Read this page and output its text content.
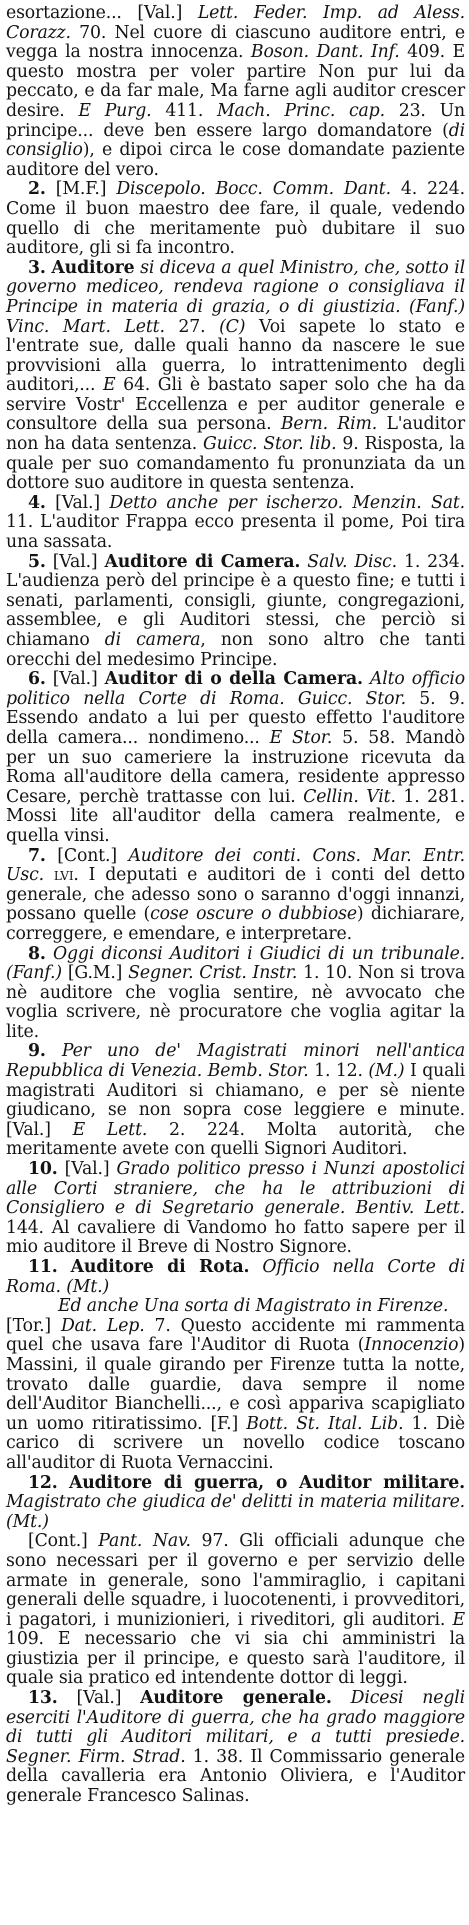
esortazione... [Val.] Lett. Feder. Imp. ad Aless. Corazz. 70. Nel cuore di ciascuno auditore entri, e vegga la nostra innocenza. Boson. Dant. Inf. 409. E questo mostra per voler partire Non pur lui da peccato, e da far male, Ma farne agli auditor crescer desire. E Purg. 411. Mach. Princ. cap. 23. Un principe... deve ben essere largo domandatore (di consiglio), e dipoi circa le cose domandate paziente auditore del vero.

2. [M.F.] Discepolo. Bocc. Comm. Dant. 4. 224. Come il buon maestro dee fare, il quale, vedendo quello di che meritamente può dubitare il suo auditore, gli si fa incontro.

3. Auditore si diceva a quel Ministro, che, sotto il governo mediceo, rendeva ragione o consigliava il Principe in materia di grazia, o di giustizia. (Fanf.) Vinc. Mart. Lett. 27. (C) Voi sapete lo stato e l'entrate sue, dalle quali hanno da nascere le sue provvisioni alla guerra, lo intrattenimento degli auditori,... E 64. Gli è bastato saper solo che ha da servire Vostr' Eccellenza e per auditor generale e consultore della sua persona. Bern. Rim. L'auditor non ha data sentenza. Guicc. Stor. lib. 9. Risposta, la quale per suo comandamento fu pronunziata da un dottore suo auditore in questa sentenza.

4. [Val.] Detto anche per ischerzo. Menzin. Sat. 11. L'auditor Frappa ecco presenta il pome, Poi tira una sassata.

5. [Val.] Auditore di Camera. Salv. Disc. 1. 234. L'audienza però del principe è a questo fine; e tutti i senati, parlamenti, consigli, giunte, congregazioni, assemblee, e gli Auditori stessi, che perciò si chiamano di camera, non sono altro che tanti orecchi del medesimo Principe.

6. [Val.] Auditor di o della Camera. Alto officio politico nella Corte di Roma. Guicc. Stor. 5. 9. Essendo andato a lui per questo effetto l'auditore della camera... nondimeno... E Stor. 5. 58. Mandò per un suo cameriere la instruzione ricevuta da Roma all'auditore della camera, residente appresso Cesare, perchè trattasse con lui. Cellin. Vit. 1. 281. Mossi lite all'auditor della camera realmente, e quella vinsi.

7. [Cont.] Auditore dei conti. Cons. Mar. Entr. Usc. lvi. I deputati e auditori de i conti del detto generale, che adesso sono o saranno d'oggi innanzi, possano quelle (cose oscure o dubbiose) dichiarare, correggere, e emendare, e interpretare.

8. Oggi diconsi Auditori i Giudici di un tribunale. (Fanf.) [G.M.] Segner. Crist. Instr. 1. 10. Non si trova nè auditore che voglia sentire, nè avvocato che voglia scrivere, nè procuratore che voglia agitar la lite.

9. Per uno de' Magistrati minori nell'antica Repubblica di Venezia. Bemb. Stor. 1. 12. (M.) I quali magistrati Auditori si chiamano, e per sè niente giudicano, se non sopra cose leggiere e minute. [Val.] E Lett. 2. 224. Molta autorità, che meritamente avete con quelli Signori Auditori.

10. [Val.] Grado politico presso i Nunzi apostolici alle Corti straniere, che ha le attribuzioni di Consigliero e di Segretario generale. Bentiv. Lett. 144. Al cavaliere di Vandomo ho fatto sapere per il mio auditore il Breve di Nostro Signore.

11. Auditore di Rota. Officio nella Corte di Roma. (Mt.)

Ed anche Una sorta di Magistrato in Firenze.

[Tor.] Dat. Lep. 7. Questo accidente mi rammenta quel che usava fare l'Auditor di Ruota (Innocenzio) Massini, il quale girando per Firenze tutta la notte, trovato dalle guardie, dava sempre il nome dell'Auditor Bianchelli..., e così appariva scapigliato un uomo ritiratissimo. [F.] Bott. St. Ital. Lib. 1. Diè carico di scrivere un novello codice toscano all'auditor di Ruota Vernaccini.

12. Auditore di guerra, o Auditor militare. Magistrato che giudica de' delitti in materia militare. (Mt.)

[Cont.] Pant. Nav. 97. Gli officiali adunque che sono necessari per il governo e per servizio delle armate in generale, sono l'ammiraglio, i capitani generali delle squadre, i luocotenenti, i provveditori, i pagatori, i munizionieri, i riveditori, gli auditori. E 109. E necessario che vi sia chi amministri la giustizia per il principe, e questo sarà l'auditore, il quale sia pratico ed intendente dottor di leggi.

13. [Val.] Auditore generale. Dicesi negli eserciti l'Auditore di guerra, che ha grado maggiore di tutti gli Auditori militari, e a tutti presiede. Segner. Firm. Strad. 1. 38. Il Commissario generale della cavalleria era Antonio Oliviera, e l'Auditor generale Francesco Salinas.
